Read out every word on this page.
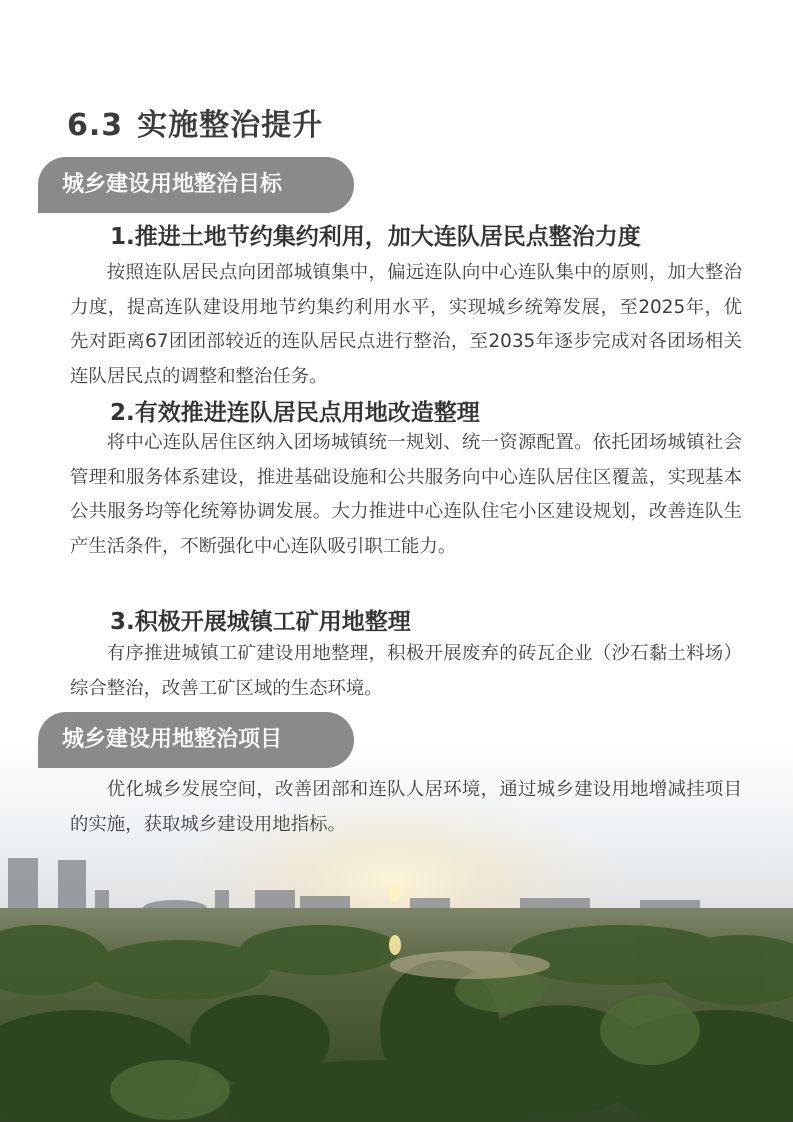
6.3 实施整治提升
城乡建设用地整治目标
1.推进土地节约集约利用，加大连队居民点整治力度

按照连队居民点向团部城镇集中，偏远连队向中心连队集中的原则，加大整治力度，提高连队建设用地节约集约利用水平，实现城乡统筹发展，至2025年，优先对距离67团团部较近的连队居民点进行整治，至2035年逐步完成对各团场相关连队居民点的调整和整治任务。

2.有效推进连队居民点用地改造整理

将中心连队居住区纳入团场城镇统一规划、统一资源配置。依托团场城镇社会管理和服务体系建设，推进基础设施和公共服务向中心连队居住区覆盖，实现基本公共服务均等化统筹协调发展。大力推进中心连队住宅小区建设规划，改善连队生产生活条件，不断强化中心连队吸引职工能力。

3.积极开展城镇工矿用地整理

有序推进城镇工矿建设用地整理，积极开展废弃的砖瓦企业（沙石黏土料场）综合整治，改善工矿区域的生态环境。

城乡建设用地整治项目

优化城乡发展空间，改善团部和连队人居环境，通过城乡建设用地增减挂项目的实施，获取城乡建设用地指标。
